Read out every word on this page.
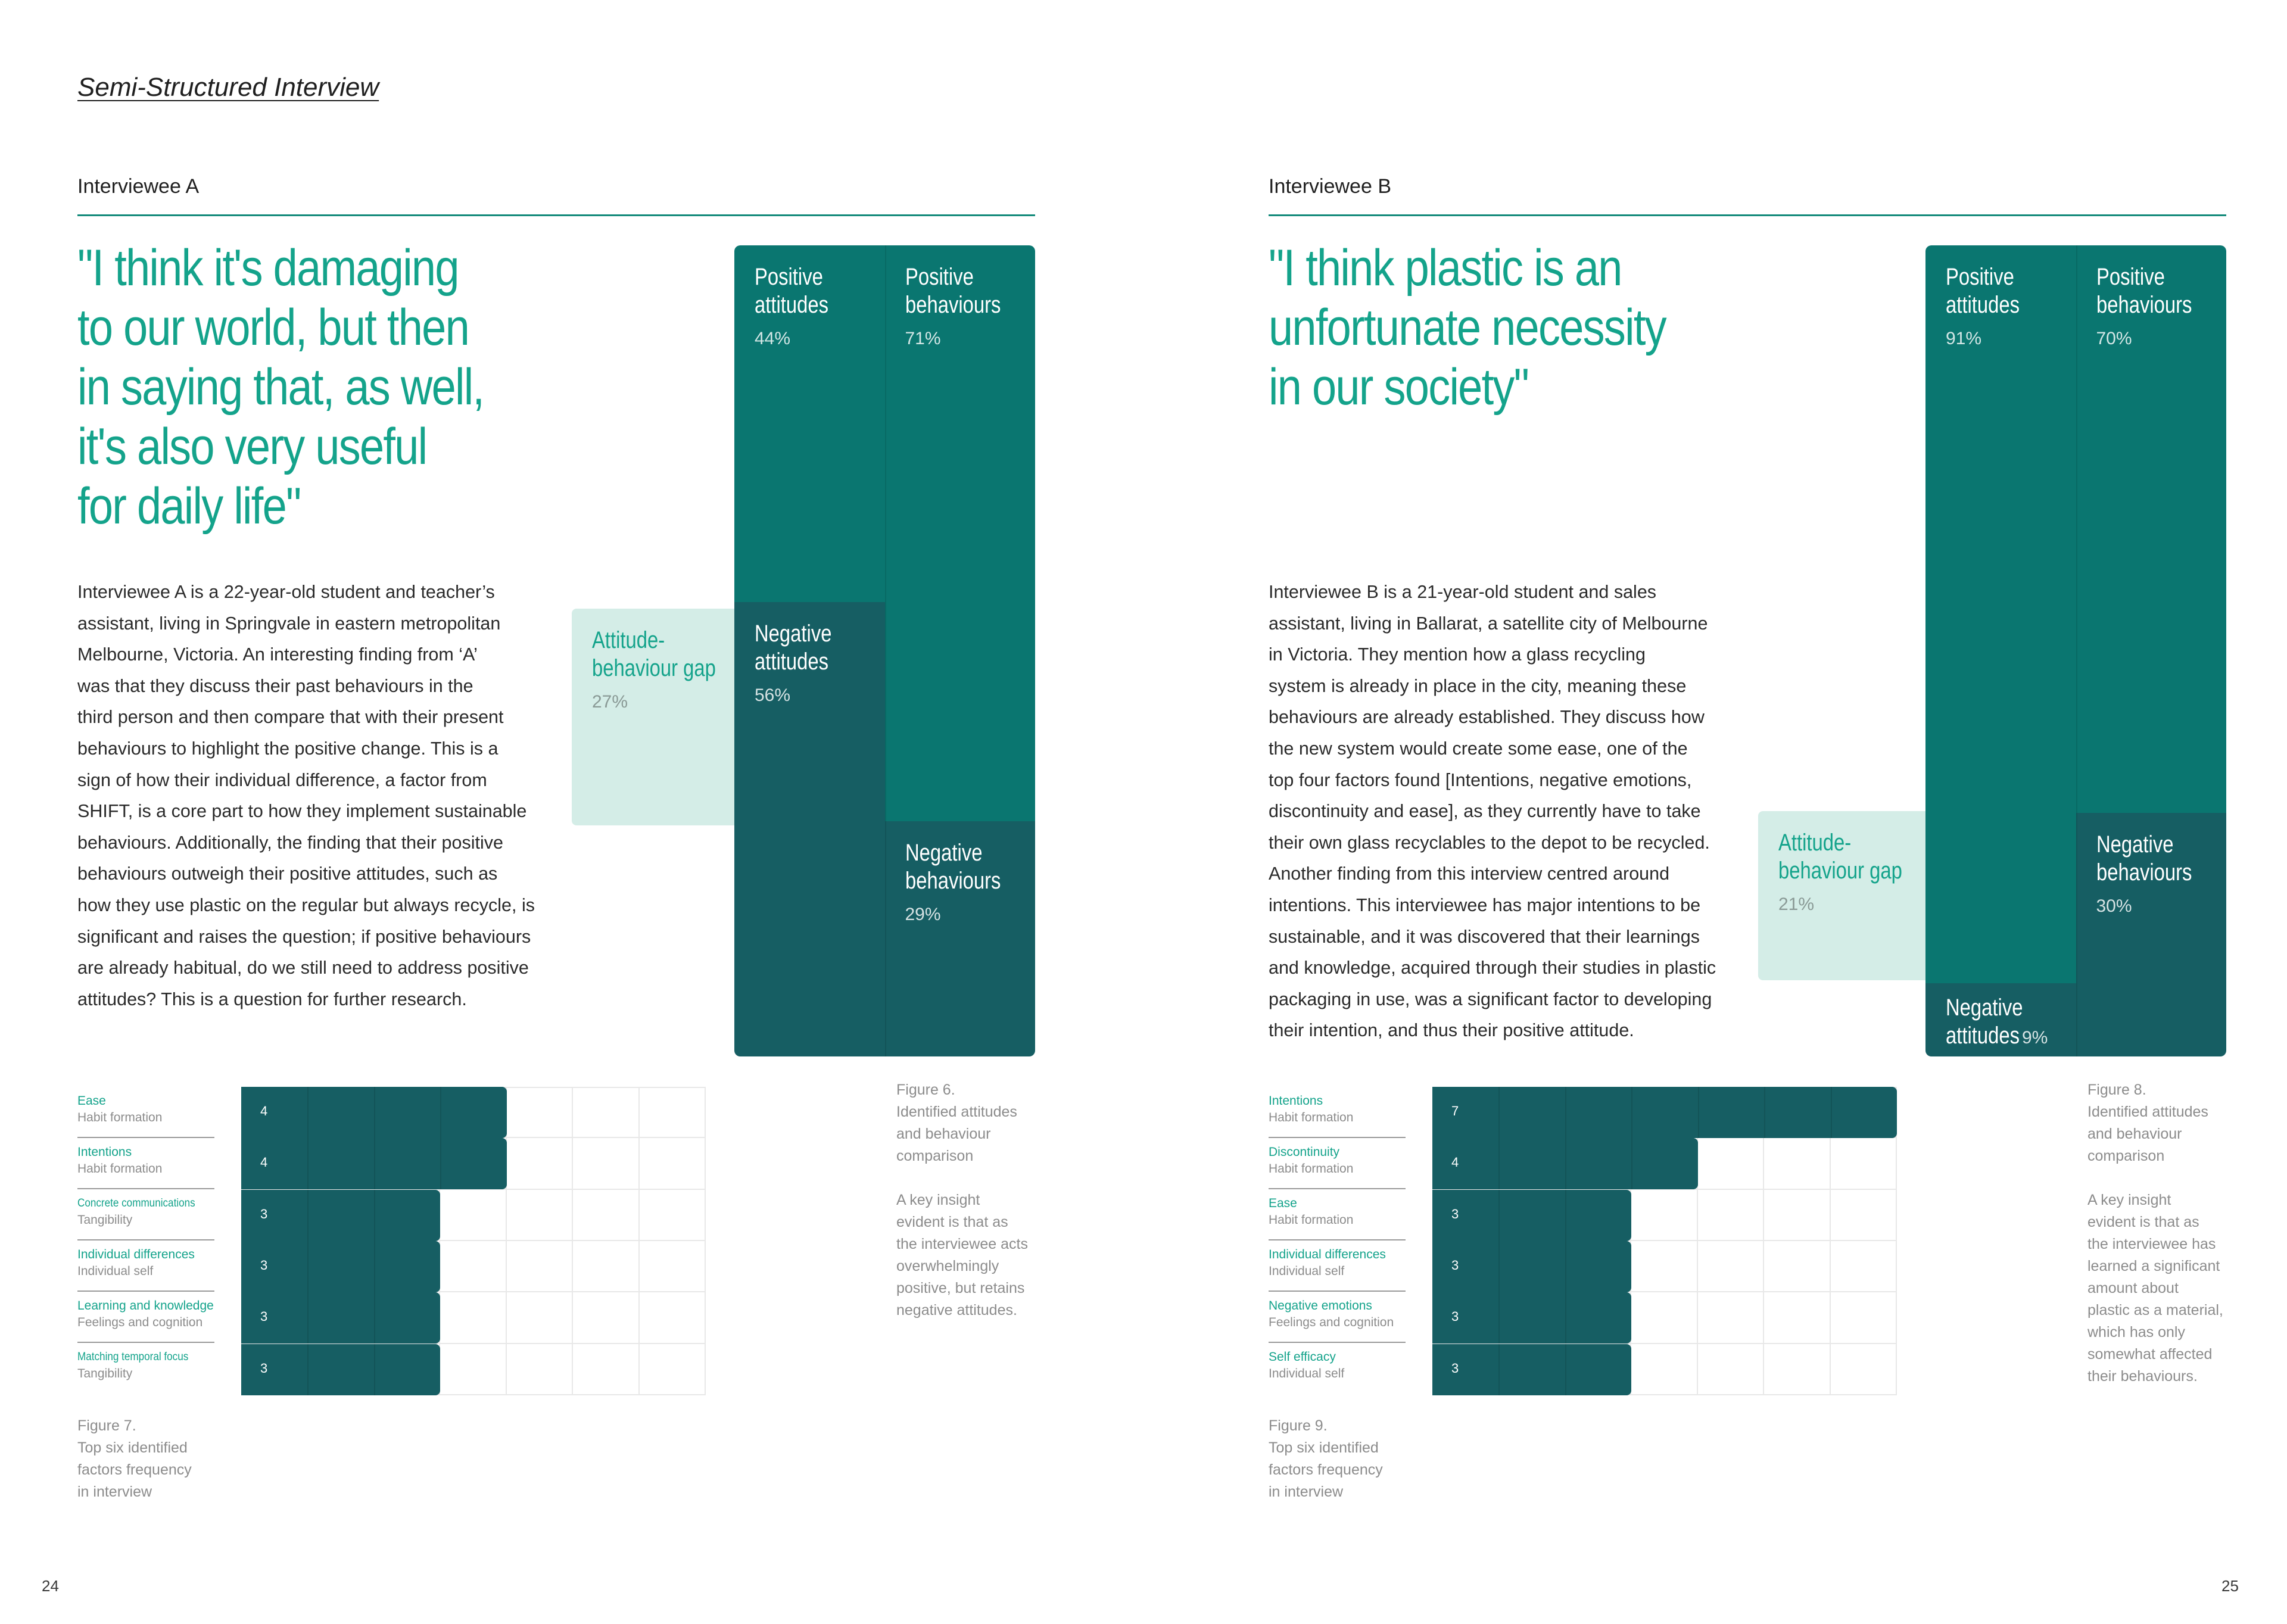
Semi-Structured Interview
Interviewee A
"I think it's damaging
to our world, but then
in saying that, as well,
it's also very useful
for daily life"
Interviewee A is a 22-year-old student and teacher’s
assistant, living in Springvale in eastern metropolitan
Melbourne, Victoria. An interesting finding from ‘A’
was that they discuss their past behaviours in the
third person and then compare that with their present
behaviours to highlight the positive change. This is a
sign of how their individual difference, a factor from
SHIFT, is a core part to how they implement sustainable
behaviours. Additionally, the finding that their positive
behaviours outweigh their positive attitudes, such as
how they use plastic on the regular but always recycle, is
significant and raises the question; if positive behaviours
are already habitual, do we still need to address positive
attitudes? This is a question for further research.
Attitude-
behaviour gap
27%
Positive
attitudes
44%
Negative
attitudes
56%
Positive
behaviours
71%
Negative
behaviours
29%
Figure 6.
Identified attitudes
and behaviour
comparison

A key insight
evident is that as
the interviewee acts
overwhelmingly
positive, but retains
negative attitudes.
Ease
Habit formation
Intentions
Habit formation
Concrete communications
Tangibility
Individual differences
Individual self
Learning and knowledge
Feelings and cognition
Matching temporal focus
Tangibility
4
4
3
3
3
3
Figure 7.
Top six identified
factors frequency
in interview
24
Interviewee B
"I think plastic is an
unfortunate necessity
in our society"
Interviewee B is a 21-year-old student and sales
assistant, living in Ballarat, a satellite city of Melbourne
in Victoria. They mention how a glass recycling
system is already in place in the city, meaning these
behaviours are already established. They discuss how
the new system would create some ease, one of the
top four factors found [Intentions, negative emotions,
discontinuity and ease], as they currently have to take
their own glass recyclables to the depot to be recycled.
Another finding from this interview centred around
intentions. This interviewee has major intentions to be
sustainable, and it was discovered that their learnings
and knowledge, acquired through their studies in plastic
packaging in use, was a significant factor to developing
their intention, and thus their positive attitude.
Attitude-
behaviour gap
21%
Positive
attitudes
91%
Negative
attitudes 9%
Positive
behaviours
70%
Negative
behaviours
30%
Figure 8.
Identified attitudes
and behaviour
comparison

A key insight
evident is that as
the interviewee has
learned a significant
amount about
plastic as a material,
which has only
somewhat affected
their behaviours.
Intentions
Habit formation
Discontinuity
Habit formation
Ease
Habit formation
Individual differences
Individual self
Negative emotions
Feelings and cognition
Self efficacy
Individual self
7
4
3
3
3
3
Figure 9.
Top six identified
factors frequency
in interview
25
